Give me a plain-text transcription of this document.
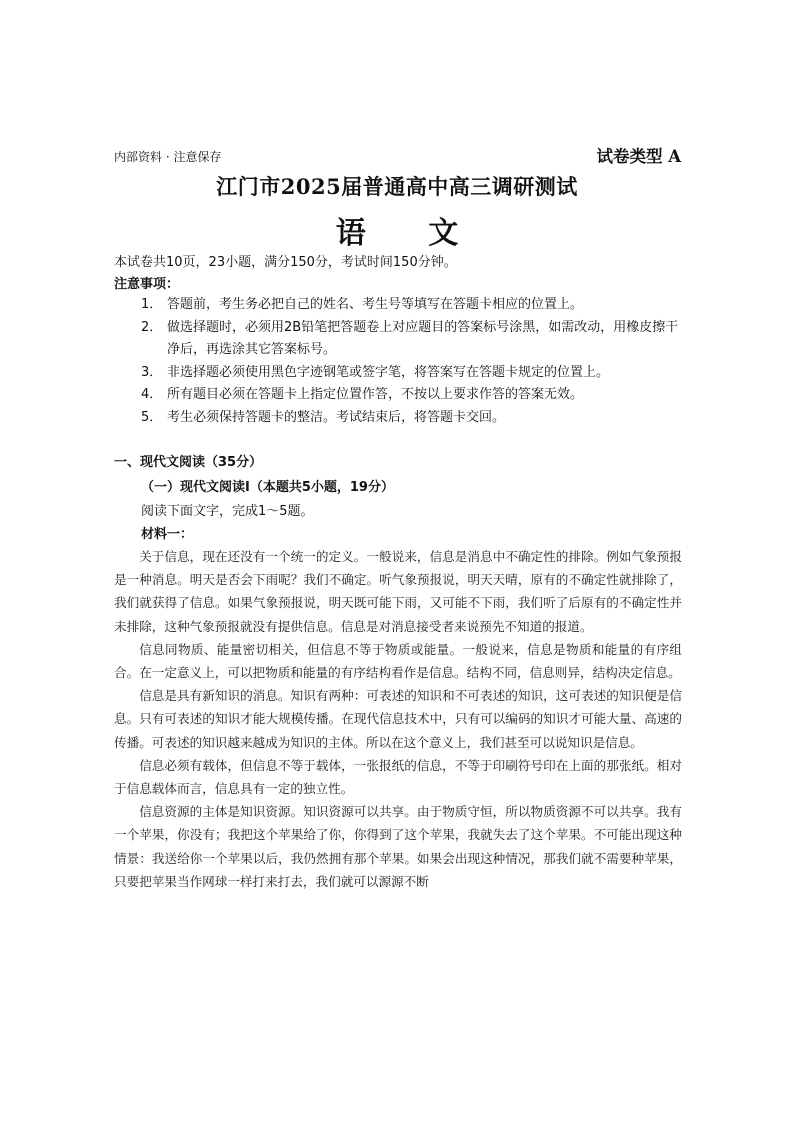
内部资料 · 注意保存	试卷类型 A
江门市2025届普通高中高三调研测试
语 文
本试卷共10页，23小题，满分150分，考试时间150分钟。
注意事项：
1． 答题前，考生务必把自己的姓名、考生号等填写在答题卡相应的位置上。
2． 做选择题时，必须用2B铅笔把答题卷上对应题目的答案标号涂黑，如需改动，用橡皮擦干净后，再选涂其它答案标号。
3． 非选择题必须使用黑色字迹钢笔或签字笔，将答案写在答题卡规定的位置上。
4． 所有题目必须在答题卡上指定位置作答，不按以上要求作答的答案无效。
5． 考生必须保持答题卡的整洁。考试结束后，将答题卡交回。
一、现代文阅读（35分）
（一）现代文阅读Ⅰ（本题共5小题，19分）
阅读下面文字，完成1～5题。
材料一：

关于信息，现在还没有一个统一的定义。一般说来，信息是消息中不确定性的排除。例如气象预报是一种消息。明天是否会下雨呢？我们不确定。听气象预报说，明天天晴，原有的不确定性就排除了，我们就获得了信息。如果气象预报说，明天既可能下雨，又可能不下雨，我们听了后原有的不确定性并未排除，这种气象预报就没有提供信息。信息是对消息接受者来说预先不知道的报道。

信息同物质、能量密切相关，但信息不等于物质或能量。一般说来，信息是物质和能量的有序组合。在一定意义上，可以把物质和能量的有序结构看作是信息。结构不同，信息则异，结构决定信息。

信息是具有新知识的消息。知识有两种：可表述的知识和不可表述的知识，这可表述的知识便是信息。只有可表述的知识才能大规模传播。在现代信息技术中，只有可以编码的知识才可能大量、高速的传播。可表述的知识越来越成为知识的主体。所以在这个意义上，我们甚至可以说知识是信息。

信息必须有载体，但信息不等于载体，一张报纸的信息，不等于印刷符号印在上面的那张纸。相对于信息载体而言，信息具有一定的独立性。

信息资源的主体是知识资源。知识资源可以共享。由于物质守恒，所以物质资源不可以共享。我有一个苹果，你没有；我把这个苹果给了你，你得到了这个苹果，我就失去了这个苹果。不可能出现这种情景：我送给你一个苹果以后，我仍然拥有那个苹果。如果会出现这种情况，那我们就不需要种苹果，只要把苹果当作网球一样打来打去，我们就可以源源不断
